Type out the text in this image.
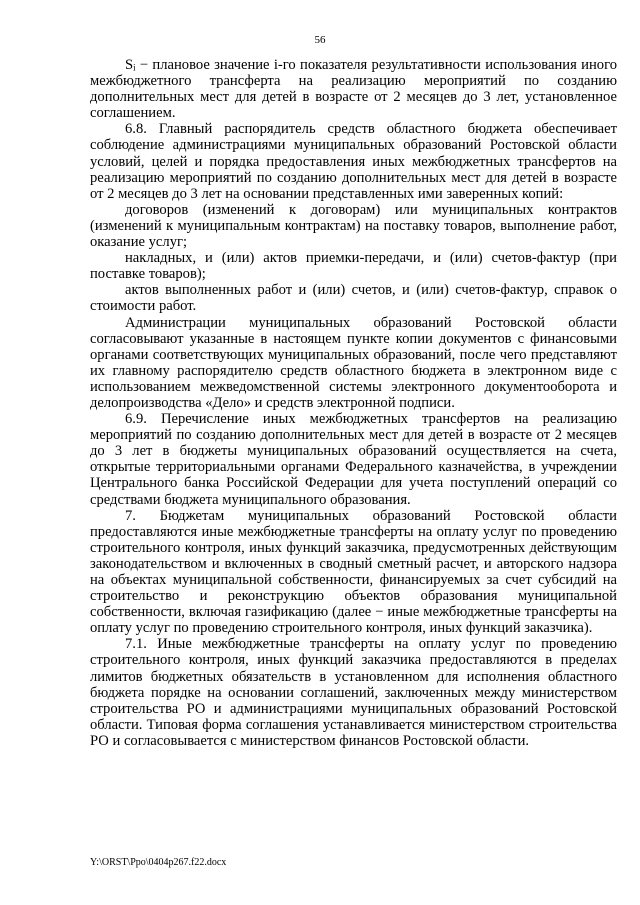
56

Sᵢ − плановое значение i-го показателя результативности использования иного межбюджетного трансферта на реализацию мероприятий по созданию дополнительных мест для детей в возрасте от 2 месяцев до 3 лет, установленное соглашением.

6.8. Главный распорядитель средств областного бюджета обеспечивает соблюдение администрациями муниципальных образований Ростовской области условий, целей и порядка предоставления иных межбюджетных трансфертов на реализацию мероприятий по созданию дополнительных мест для детей в возрасте от 2 месяцев до 3 лет на основании представленных ими заверенных копий:

договоров (изменений к договорам) или муниципальных контрактов (изменений к муниципальным контрактам) на поставку товаров, выполнение работ, оказание услуг;

накладных, и (или) актов приемки-передачи, и (или) счетов-фактур (при поставке товаров);

актов выполненных работ и (или) счетов, и (или) счетов-фактур, справок о стоимости работ.

Администрации муниципальных образований Ростовской области согласовывают указанные в настоящем пункте копии документов с финансовыми органами соответствующих муниципальных образований, после чего представляют их главному распорядителю средств областного бюджета в электронном виде с использованием межведомственной системы электронного документооборота и делопроизводства «Дело» и средств электронной подписи.

6.9. Перечисление иных межбюджетных трансфертов на реализацию мероприятий по созданию дополнительных мест для детей в возрасте от 2 месяцев до 3 лет в бюджеты муниципальных образований осуществляется на счета, открытые территориальными органами Федерального казначейства, в учреждении Центрального банка Российской Федерации для учета поступлений операций со средствами бюджета муниципального образования.

7. Бюджетам муниципальных образований Ростовской области предоставляются иные межбюджетные трансферты на оплату услуг по проведению строительного контроля, иных функций заказчика, предусмотренных действующим законодательством и включенных в сводный сметный расчет, и авторского надзора на объектах муниципальной собственности, финансируемых за счет субсидий на строительство и реконструкцию объектов образования муниципальной собственности, включая газификацию (далее − иные межбюджетные трансферты на оплату услуг по проведению строительного контроля, иных функций заказчика).

7.1. Иные межбюджетные трансферты на оплату услуг по проведению строительного контроля, иных функций заказчика предоставляются в пределах лимитов бюджетных обязательств в установленном для исполнения областного бюджета порядке на основании соглашений, заключенных между министерством строительства РО и администрациями муниципальных образований Ростовской области. Типовая форма соглашения устанавливается министерством строительства РО и согласовывается с министерством финансов Ростовской области.

Y:\ORST\Ppo\0404p267.f22.docx
